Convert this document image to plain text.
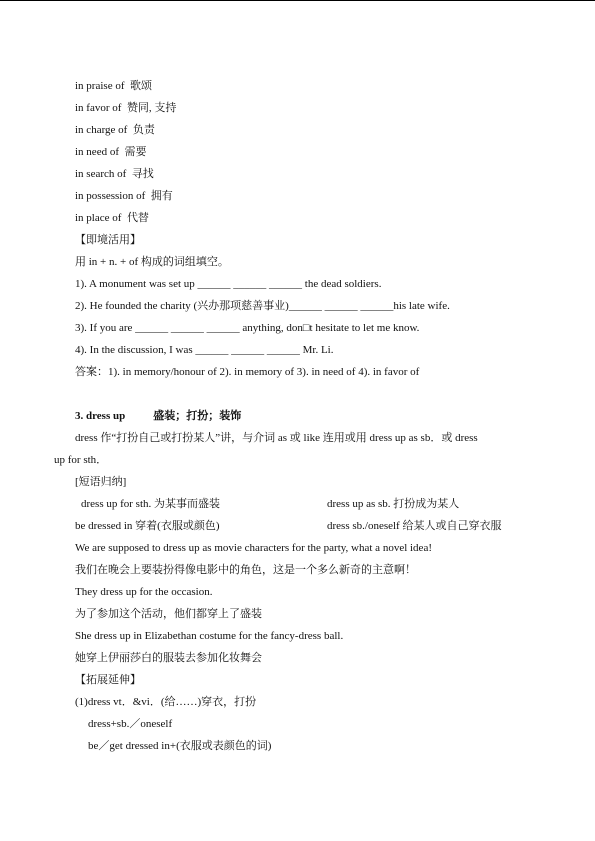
in praise of 歌颂
in favor of 赞同, 支持
in charge of 负责
in need of 需要
in search of 寻找
in possession of 拥有
in place of 代替
【即境活用】
用 in + n. + of 构成的词组填空。
1). A monument was set up ______ ______ ______ the dead soldiers.
2). He founded the charity (兴办那项慈善事业)______ ______ ______his late wife.
3). If you are ______ ______ ______ anything, don□t hesitate to let me know.
4). In the discussion, I was ______ ______ ______ Mr. Li.
答案：1). in memory/honour of 2). in memory of 3). in need of 4). in favor of
3. dress up	盛装；打扮；装饰
dress 作“打扮自己或打扮某人”讲，与介词 as 或 like 连用或用 dress up as sb．或 dress
up for sth．
[短语归纳]
dress up for sth. 为某事而盛装	dress up as sb. 打扮成为某人
be dressed in 穿着(衣服或颜色)	dress sb./oneself 给某人或自己穿衣服
We are supposed to dress up as movie characters for the party, what a novel idea!
我们在晚会上要装扮得像电影中的角色，这是一个多么新奇的主意啊！
They dress up for the occasion.
为了参加这个活动，他们都穿上了盛装
She dress up in Elizabethan costume for the fancy-dress ball.
她穿上伊丽莎白的服装去参加化妆舞会
【拓展延伸】
(1)dress vt．&vi．(给……)穿衣，打扮
dress+sb.／oneself
be／get dressed in+(衣服或表颜色的词)
